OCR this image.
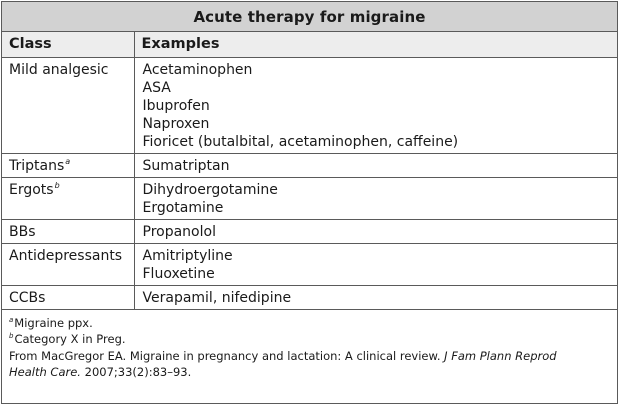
Acute therapy for migraine
Class	Examples
Mild analgesic	Acetaminophen
ASA
Ibuprofen
Naproxen
Fioricet (butalbital, acetaminophen, caffeine)

Triptans$^a$	Sumatriptan

Ergots$^b$	Dihydroergotamine
Ergotamine

BBs	Propanolol

Antidepressants	Amitriptyline
Fluoxetine

CCBs	Verapamil, nifedipine
$^a$Migraine ppx.
$^b$Category X in Preg.
From MacGregor EA. Migraine in pregnancy and lactation: A clinical review. J Fam Plann Reprod Health Care. 2007;33(2):83–93.
